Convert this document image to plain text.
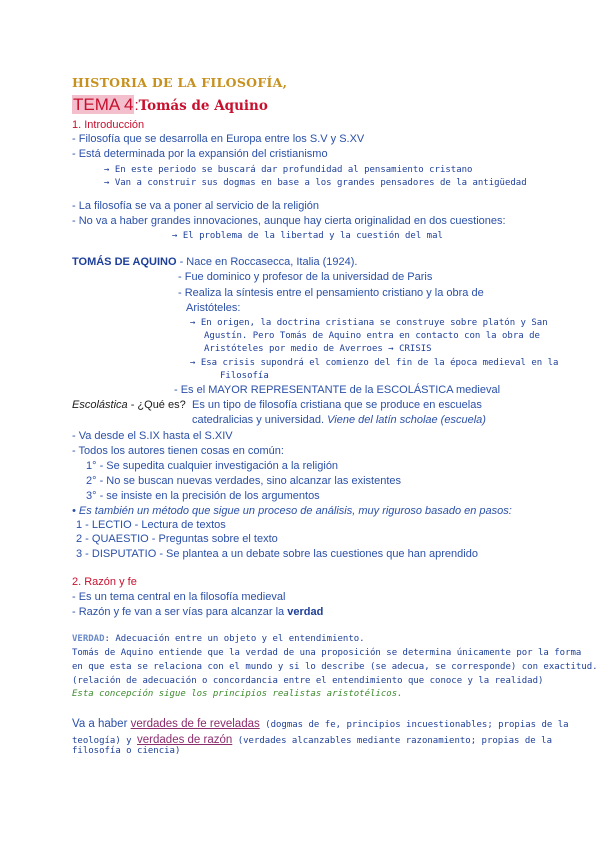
HISTORIA DE LA FILOSOFÍA,
TEMA 4:Tomás de Aquino
1. Introducción
- Filosofía que se desarrolla en Europa entre los S.V y S.XV
- Está determinada por la expansión del cristianismo
→ En este periodo se buscará dar profundidad al pensamiento cristano
→ Van a construir sus dogmas en base a los grandes pensadores de la antigüedad
- La filosofía se va a poner al servicio de la religión
- No va a haber grandes innovaciones, aunque hay cierta originalidad en dos cuestiones:
→ El problema de la libertad y la cuestión del mal
TOMÁS DE AQUINO - Nace en Roccasecca, Italia (1924).
- Fue dominico y profesor de la universidad de Paris
- Realiza la síntesis entre el pensamiento cristiano y la obra de
Aristóteles:
→ En origen, la doctrina cristiana se construye sobre platón y San
Agustín. Pero Tomás de Aquino entra en contacto con la obra de
Aristóteles por medio de Averroes → CRISIS
→ Esa crisis supondrá el comienzo del fin de la época medieval en la
Filosofía
- Es el MAYOR REPRESENTANTE de la ESCOLÁSTICA medieval
Escolástica - ¿Qué es? Es un tipo de filosofía cristiana que se produce en escuelas
catedralicias y universidad. Viene del latín scholae (escuela)
- Va desde el S.IX hasta el S.XIV
- Todos los autores tienen cosas en común:
1° - Se supedita cualquier investigación a la religión
2° - No se buscan nuevas verdades, sino alcanzar las existentes
3° - se insiste en la precisión de los argumentos
• Es también un método que sigue un proceso de análisis, muy riguroso basado en pasos:
1 - LECTIO - Lectura de textos
2 - QUAESTIO - Preguntas sobre el texto
3 - DISPUTATIO - Se plantea a un debate sobre las cuestiones que han aprendido
2. Razón y fe
- Es un tema central en la filosofía medieval
- Razón y fe van a ser vías para alcanzar la verdad
VERDAD: Adecuación entre un objeto y el entendimiento.
Tomás de Aquino entiende que la verdad de una proposición se determina únicamente por la forma
en que esta se relaciona con el mundo y si lo describe (se adecua, se corresponde) con exactitud.
(relación de adecuación o concordancia entre el entendimiento que conoce y la realidad)
Esta concepción sigue los principios realistas aristotélicos.
Va a haber verdades de fe reveladas (dogmas de fe, principios incuestionables; propias de la
teología) y verdades de razón (verdades alcanzables mediante razonamiento; propias de la
filosofía o ciencia)
